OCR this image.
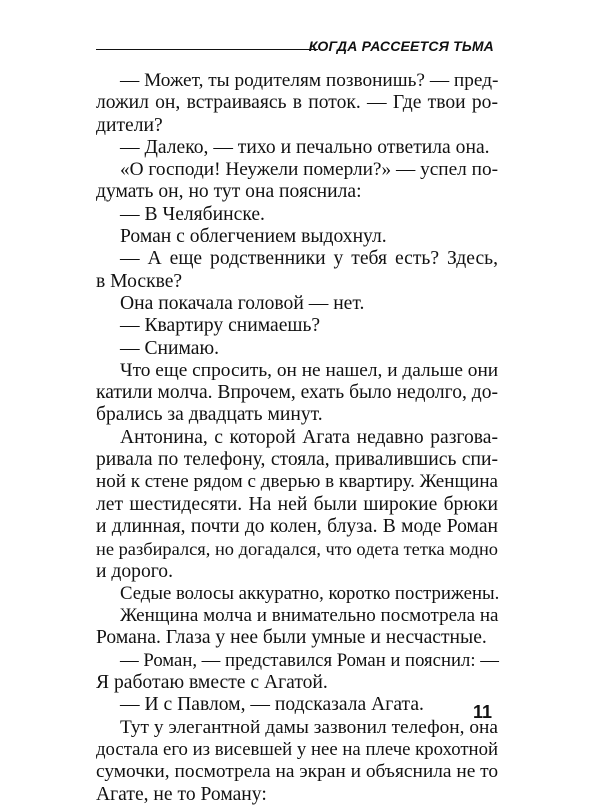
КОГДА РАССЕЕТСЯ ТЬМА
— Может, ты родителям позвонишь? — пред-
ложил он, встраиваясь в поток. — Где твои ро-
дители?
— Далеко, — тихо и печально ответила она.
«О господи! Неужели померли?» — успел по-
думать он, но тут она пояснила:
— В Челябинске.
Роман с облегчением выдохнул.
— А еще родственники у тебя есть? Здесь,
в Москве?
Она покачала головой — нет.
— Квартиру снимаешь?
— Снимаю.
Что еще спросить, он не нашел, и дальше они
катили молча. Впрочем, ехать было недолго, до-
брались за двадцать минут.
Антонина, с которой Агата недавно разгова-
ривала по телефону, стояла, привалившись спи-
ной к стене рядом с дверью в квартиру. Женщина
лет шестидесяти. На ней были широкие брюки
и длинная, почти до колен, блуза. В моде Роман
не разбирался, но догадался, что одета тетка модно
и дорого.
Седые волосы аккуратно, коротко пострижены.
Женщина молча и внимательно посмотрела на
Романа. Глаза у нее были умные и несчастные.
— Роман, — представился Роман и пояснил: —
Я работаю вместе с Агатой.
— И с Павлом, — подсказала Агата.
Тут у элегантной дамы зазвонил телефон, она
достала его из висевшей у нее на плече крохотной
сумочки, посмотрела на экран и объяснила не то
Агате, не то Роману:
11
